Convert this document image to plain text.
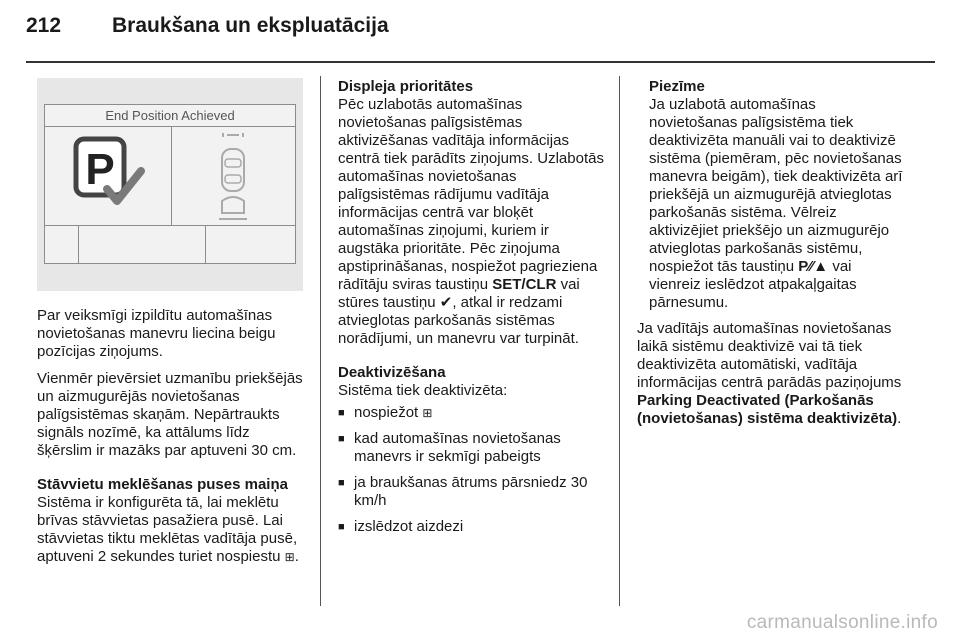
212 Braukšana un ekspluatācija
End Position Achieved
P

Par veiksmīgi izpildītu automašīnas novietošanas manevru liecina beigu pozīcijas ziņojums.

Vienmēr pievērsiet uzmanību priekšējās un aizmugurējās novietošanas palīgsistēmas skaņām. Nepārtraukts signāls nozīmē, ka attālums līdz šķērslim ir mazāks par aptuveni 30 cm.

Stāvvietu meklēšanas puses maiņa

Sistēma ir konfigurēta tā, lai meklētu brīvas stāvvietas pasažiera pusē. Lai stāvvietas tiktu meklētas vadītāja pusē, aptuveni 2 sekundes turiet nospiestu ⊞.

Displeja prioritātes

Pēc uzlabotās automašīnas novietošanas palīgsistēmas aktivizēšanas vadītāja informācijas centrā tiek parādīts ziņojums. Uzlabotās automašīnas novietošanas palīgsistēmas rādījumu vadītāja informācijas centrā var bloķēt automašīnas ziņojumi, kuriem ir augstāka prioritāte. Pēc ziņojuma apstiprināšanas, nospiežot pagrieziena rādītāju sviras taustiņu SET/CLR vai stūres taustiņu ✔, atkal ir redzami atvieglotas parkošanās sistēmas norādījumi, un manevru var turpināt.

Deaktivizēšana

Sistēma tiek deaktivizēta:

■ nospiežot ⊞
■ kad automašīnas novietošanas manevrs ir sekmīgi pabeigts
■ ja braukšanas ātrums pārsniedz 30 km/h
■ izslēdzot aizdezi
Piezīme
Ja uzlabotā automašīnas novietošanas palīgsistēma tiek deaktivizēta manuāli vai to deaktivizē sistēma (piemēram, pēc novietošanas manevra beigām), tiek deaktivizēta arī priekšējā un aizmugurējā atvieglotas parkošanās sistēma. Vēlreiz aktivizējiet priekšējo un aizmugurējo atvieglotas parkošanās sistēmu, nospiežot tās taustiņu P⁄⁄▲ vai vienreiz ieslēdzot atpakaļgaitas pārnesumu.

Ja vadītājs automašīnas novietošanas laikā sistēmu deaktivizē vai tā tiek deaktivizēta automātiski, vadītāja informācijas centrā parādās paziņojums Parking Deactivated (Parkošanās (novietošanas) sistēma deaktivizēta).

carmanualsonline.info
